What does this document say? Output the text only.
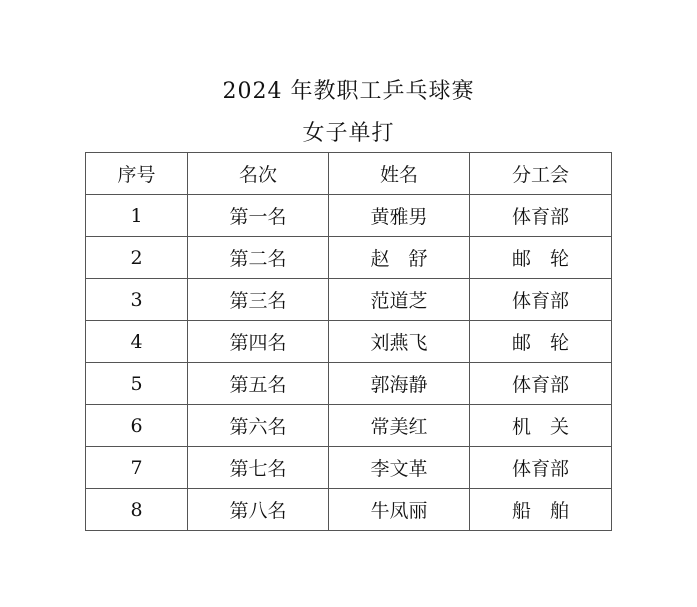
2024 年教职工乒乓球赛
女子单打
序号	名次	姓名	分工会
1	第一名	黄雅男	体育部
2	第二名	赵　舒	邮　轮
3	第三名	范道芝	体育部
4	第四名	刘燕飞	邮　轮
5	第五名	郭海静	体育部
6	第六名	常美红	机　关
7	第七名	李文革	体育部
8	第八名	牛凤丽	船　舶
